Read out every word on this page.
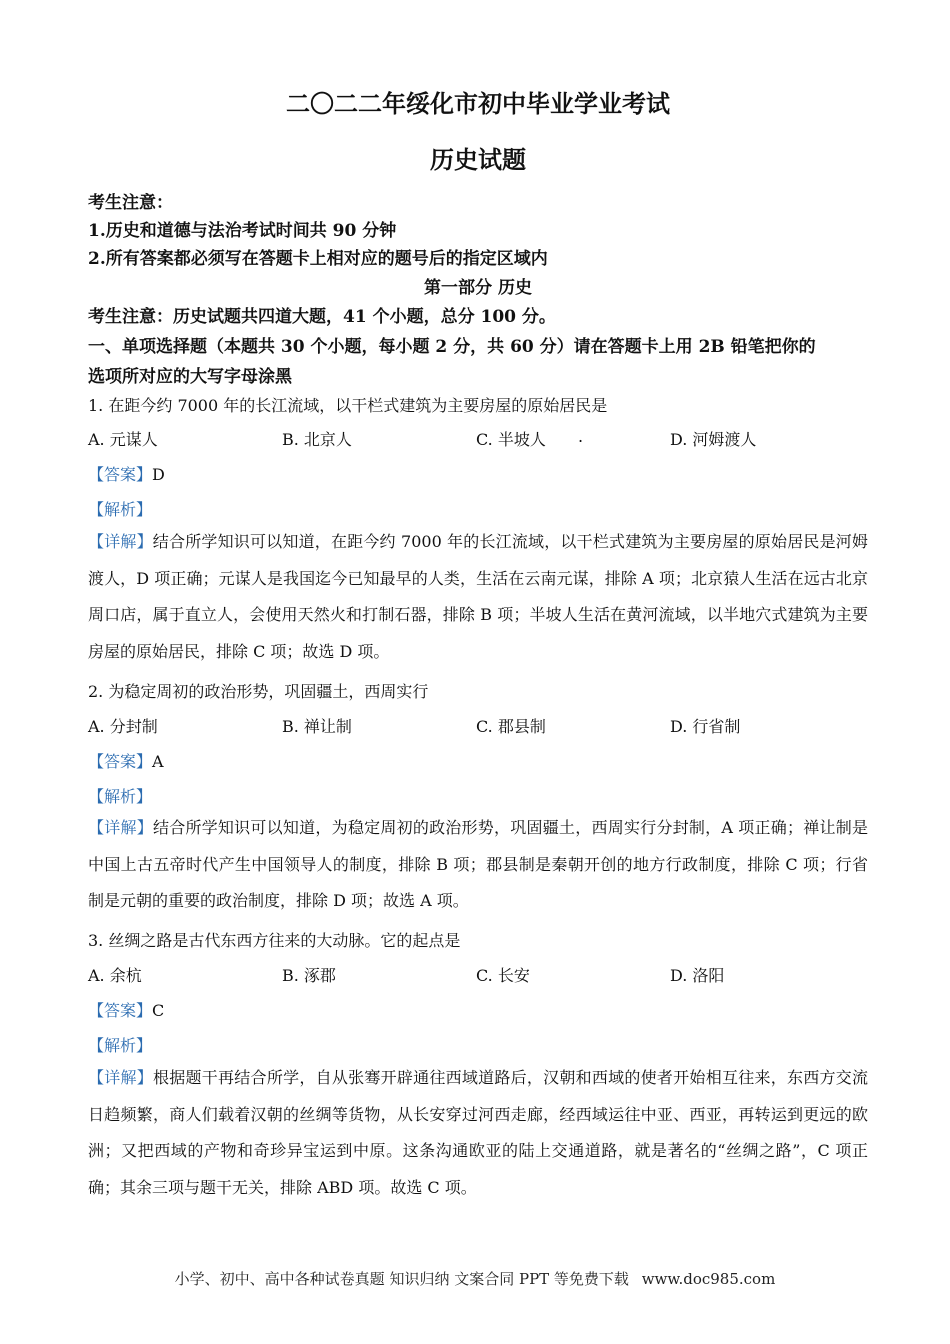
二〇二二年绥化市初中毕业学业考试
历史试题
考生注意：
1.历史和道德与法治考试时间共 90 分钟
2.所有答案都必须写在答题卡上相对应的题号后的指定区域内
第一部分 历史
考生注意：历史试题共四道大题，41 个小题，总分 100 分。
一、单项选择题（本题共 30 个小题，每小题 2 分，共 60 分）请在答题卡上用 2B 铅笔把你的
选项所对应的大写字母涂黑
1. 在距今约 7000 年的长江流域，以干栏式建筑为主要房屋的原始居民是
A. 元谋人	B. 北京人	C. 半坡人 .	D. 河姆渡人
【答案】D
【解析】
【详解】结合所学知识可以知道，在距今约 7000 年的长江流域，以干栏式建筑为主要房屋的原始居民是河姆渡人，D 项正确；元谋人是我国迄今已知最早的人类，生活在云南元谋，排除 A 项；北京猿人生活在远古北京周口店，属于直立人，会使用天然火和打制石器，排除 B 项；半坡人生活在黄河流域，以半地穴式建筑为主要房屋的原始居民，排除 C 项；故选 D 项。
2. 为稳定周初的政治形势，巩固疆土，西周实行
A. 分封制	B. 禅让制	C. 郡县制	D. 行省制
【答案】A
【解析】
【详解】结合所学知识可以知道，为稳定周初的政治形势，巩固疆土，西周实行分封制，A 项正确；禅让制是中国上古五帝时代产生中国领导人的制度，排除 B 项；郡县制是秦朝开创的地方行政制度，排除 C 项；行省制是元朝的重要的政治制度，排除 D 项；故选 A 项。
3. 丝绸之路是古代东西方往来的大动脉。它的起点是
A. 余杭	B. 涿郡	C. 长安	D. 洛阳
【答案】C
【解析】
【详解】根据题干再结合所学，自从张骞开辟通往西域道路后，汉朝和西域的使者开始相互往来，东西方交流日趋频繁，商人们载着汉朝的丝绸等货物，从长安穿过河西走廊，经西域运往中亚、西亚，再转运到更远的欧洲；又把西域的产物和奇珍异宝运到中原。这条沟通欧亚的陆上交通道路，就是著名的“丝绸之路”，C 项正确；其余三项与题干无关，排除 ABD 项。故选 C 项。
小学、初中、高中各种试卷真题 知识归纳 文案合同 PPT 等免费下载 www.doc985.com
